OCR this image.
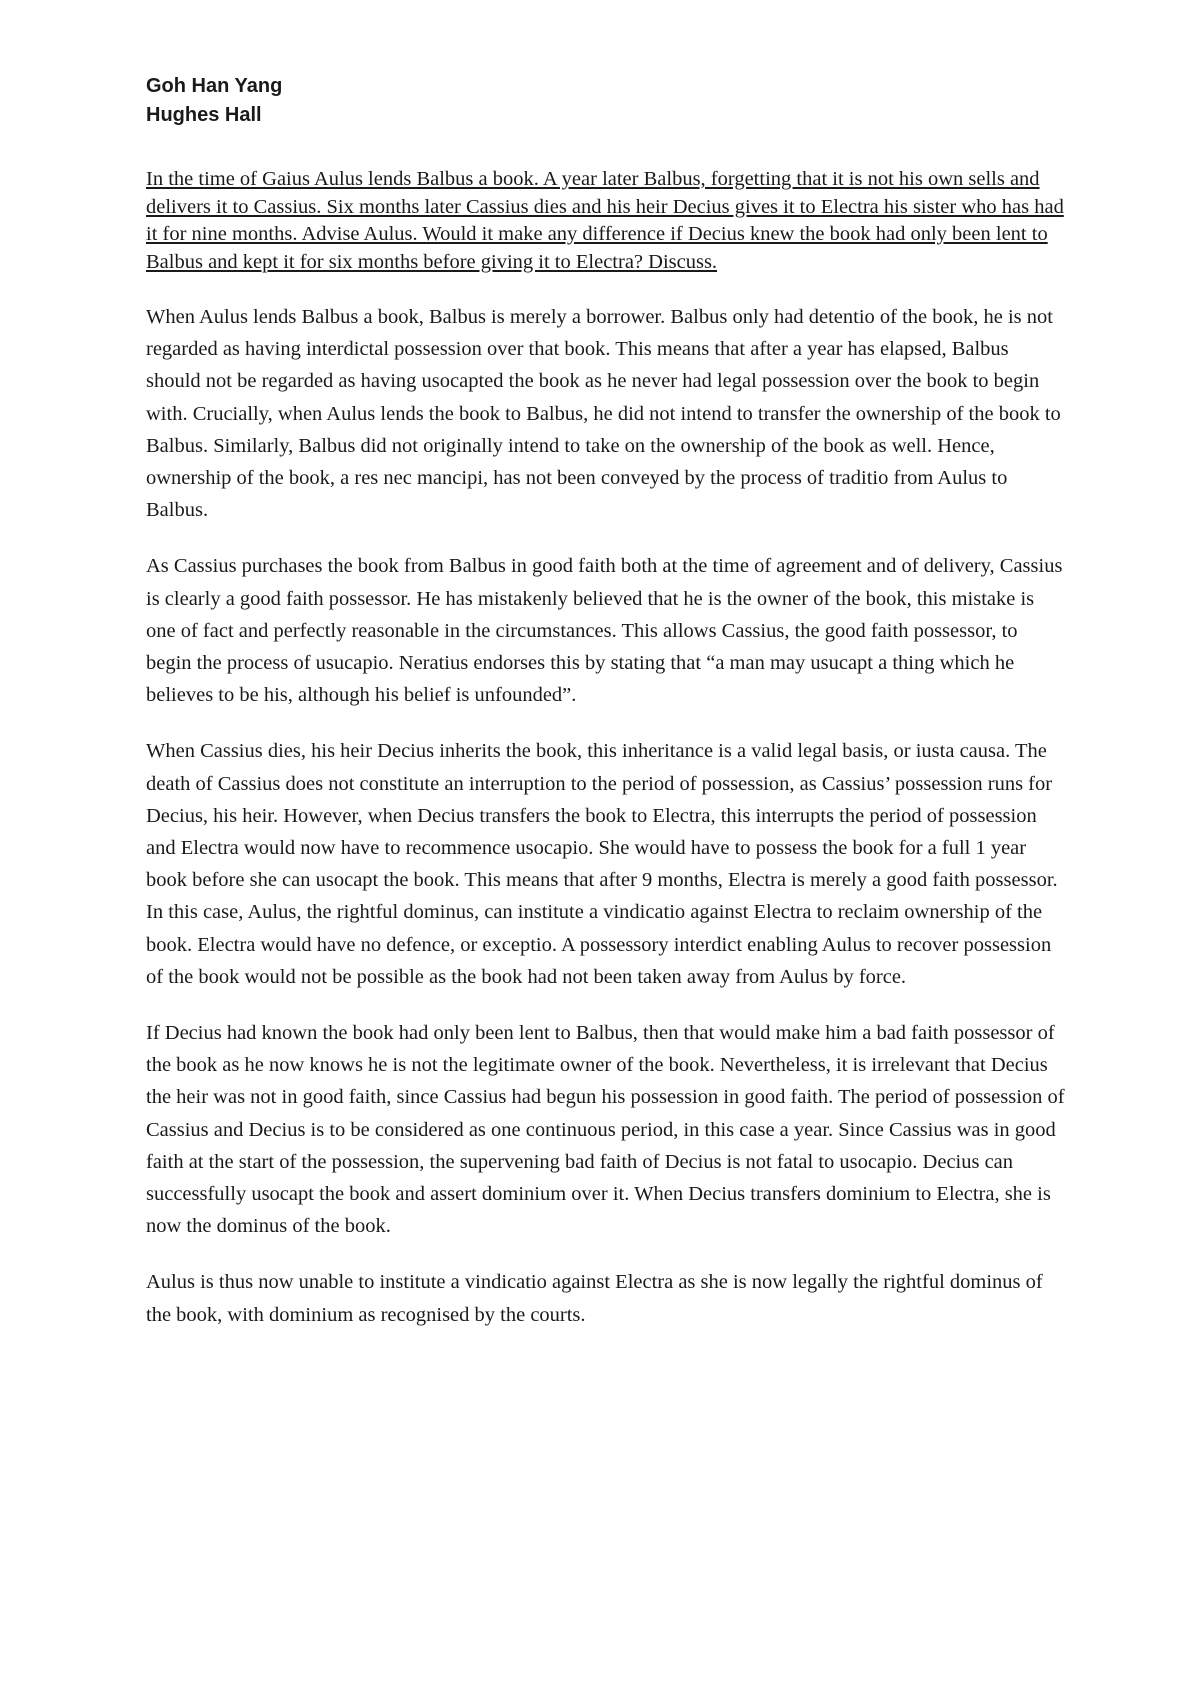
Goh Han Yang

Hughes Hall

In the time of Gaius Aulus lends Balbus a book. A year later Balbus, forgetting that it is not his own sells and delivers it to Cassius. Six months later Cassius dies and his heir Decius gives it to Electra his sister who has had it for nine months. Advise Aulus. Would it make any difference if Decius knew the book had only been lent to Balbus and kept it for six months before giving it to Electra? Discuss.

When Aulus lends Balbus a book, Balbus is merely a borrower. Balbus only had detentio of the book, he is not regarded as having interdictal possession over that book. This means that after a year has elapsed, Balbus should not be regarded as having usocapted the book as he never had legal possession over the book to begin with. Crucially, when Aulus lends the book to Balbus, he did not intend to transfer the ownership of the book to Balbus. Similarly, Balbus did not originally intend to take on the ownership of the book as well. Hence, ownership of the book, a res nec mancipi, has not been conveyed by the process of traditio from Aulus to Balbus.

As Cassius purchases the book from Balbus in good faith both at the time of agreement and of delivery, Cassius is clearly a good faith possessor. He has mistakenly believed that he is the owner of the book, this mistake is one of fact and perfectly reasonable in the circumstances. This allows Cassius, the good faith possessor, to begin the process of usucapio. Neratius endorses this by stating that “a man may usucapt a thing which he believes to be his, although his belief is unfounded”.

When Cassius dies, his heir Decius inherits the book, this inheritance is a valid legal basis, or iusta causa. The death of Cassius does not constitute an interruption to the period of possession, as Cassius’ possession runs for Decius, his heir. However, when Decius transfers the book to Electra, this interrupts the period of possession and Electra would now have to recommence usocapio. She would have to possess the book for a full 1 year book before she can usocapt the book. This means that after 9 months, Electra is merely a good faith possessor. In this case, Aulus, the rightful dominus, can institute a vindicatio against Electra to reclaim ownership of the book. Electra would have no defence, or exceptio. A possessory interdict enabling Aulus to recover possession of the book would not be possible as the book had not been taken away from Aulus by force.

If Decius had known the book had only been lent to Balbus, then that would make him a bad faith possessor of the book as he now knows he is not the legitimate owner of the book. Nevertheless, it is irrelevant that Decius the heir was not in good faith, since Cassius had begun his possession in good faith. The period of possession of Cassius and Decius is to be considered as one continuous period, in this case a year. Since Cassius was in good faith at the start of the possession, the supervening bad faith of Decius is not fatal to usocapio. Decius can successfully usocapt the book and assert dominium over it. When Decius transfers dominium to Electra, she is now the dominus of the book.

Aulus is thus now unable to institute a vindicatio against Electra as she is now legally the rightful dominus of the book, with dominium as recognised by the courts.
